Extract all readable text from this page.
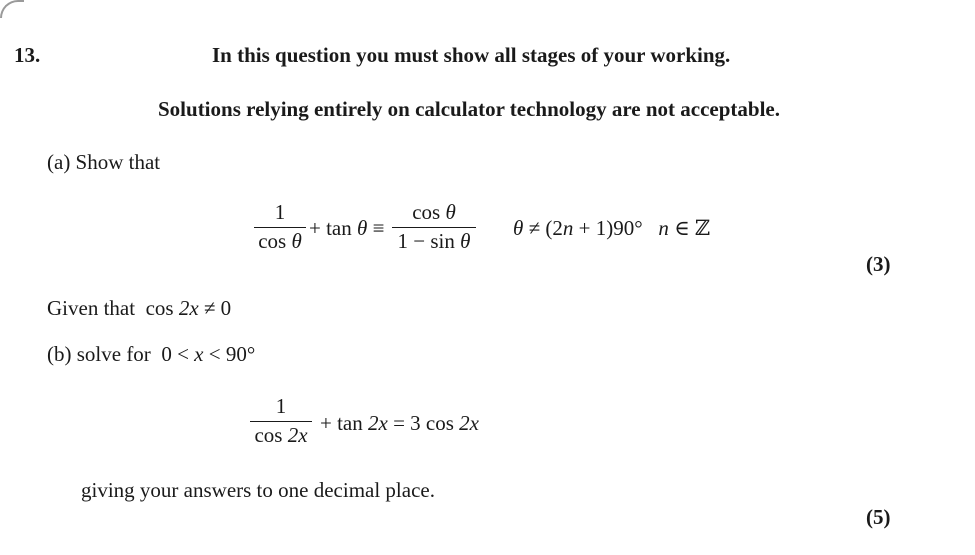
13.	In this question you must show all stages of your working.
Solutions relying entirely on calculator technology are not acceptable.
(a) Show that
1
cos θ
+ tan θ ≡
cos θ
1 − sin θ
θ ≠ (2n + 1)90° n ∈ ℤ
(3)
Given that cos 2x ≠ 0
(b) solve for 0 < x < 90°
1
cos 2x + tan 2x = 3 cos 2x
giving your answers to one decimal place.
(5)
